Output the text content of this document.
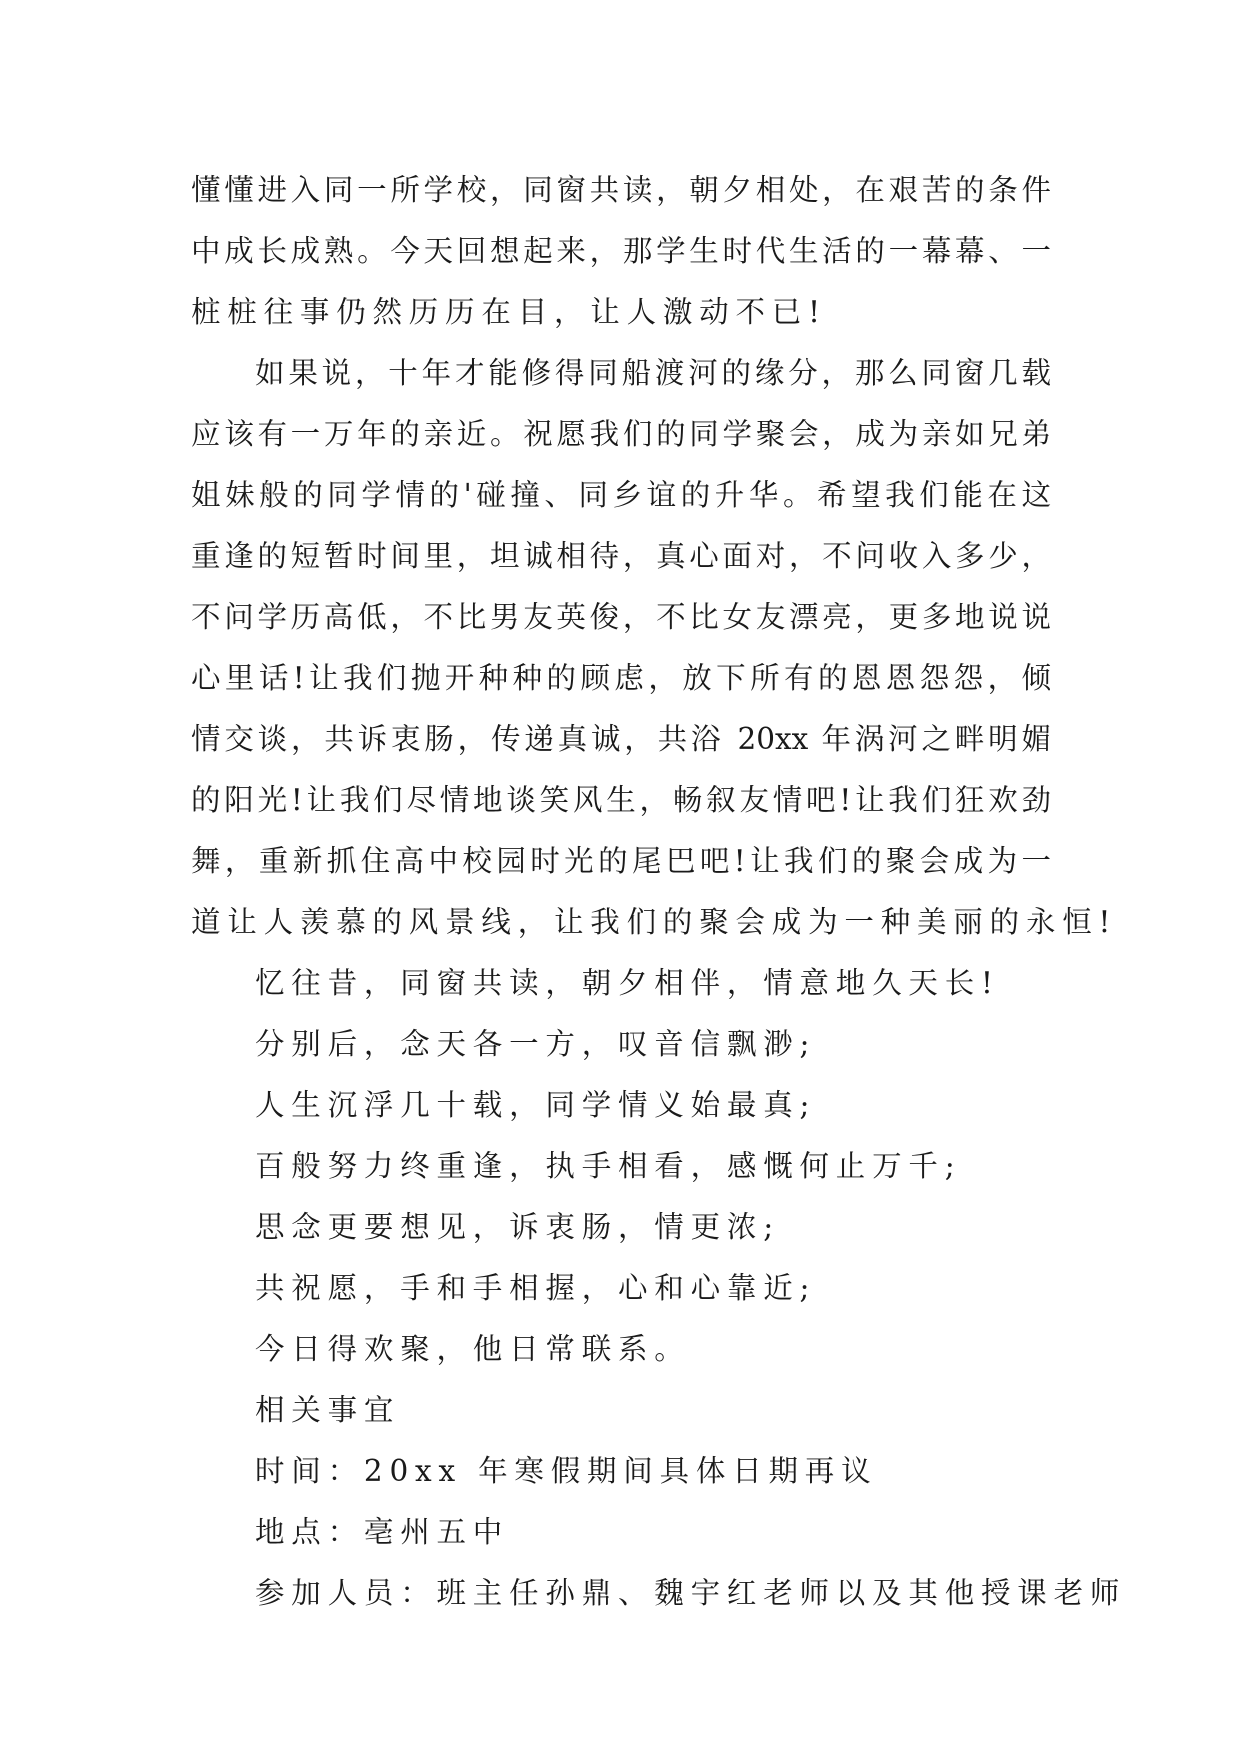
懂懂进入同一所学校，同窗共读，朝夕相处，在艰苦的条件
中成长成熟。今天回想起来，那学生时代生活的一幕幕、一
桩桩往事仍然历历在目，让人激动不已!
如果说，十年才能修得同船渡河的缘分，那么同窗几载
应该有一万年的亲近。祝愿我们的同学聚会，成为亲如兄弟
姐妹般的同学情的'碰撞、同乡谊的升华。希望我们能在这
重逢的短暂时间里，坦诚相待，真心面对，不问收入多少，
不问学历高低，不比男友英俊，不比女友漂亮，更多地说说
心里话!让我们抛开种种的顾虑，放下所有的恩恩怨怨，倾
情交谈，共诉衷肠，传递真诚，共浴 20xx 年涡河之畔明媚
的阳光!让我们尽情地谈笑风生，畅叙友情吧!让我们狂欢劲
舞，重新抓住高中校园时光的尾巴吧!让我们的聚会成为一
道让人羡慕的风景线，让我们的聚会成为一种美丽的永恒!
忆往昔，同窗共读，朝夕相伴，情意地久天长!
分别后，念天各一方，叹音信飘渺;
人生沉浮几十载，同学情义始最真;
百般努力终重逢，执手相看，感慨何止万千;
思念更要想见，诉衷肠，情更浓;
共祝愿，手和手相握，心和心靠近;
今日得欢聚，他日常联系。
相关事宜
时间：20xx 年寒假期间具体日期再议
地点：亳州五中
参加人员：班主任孙鼎、魏宇红老师以及其他授课老师
